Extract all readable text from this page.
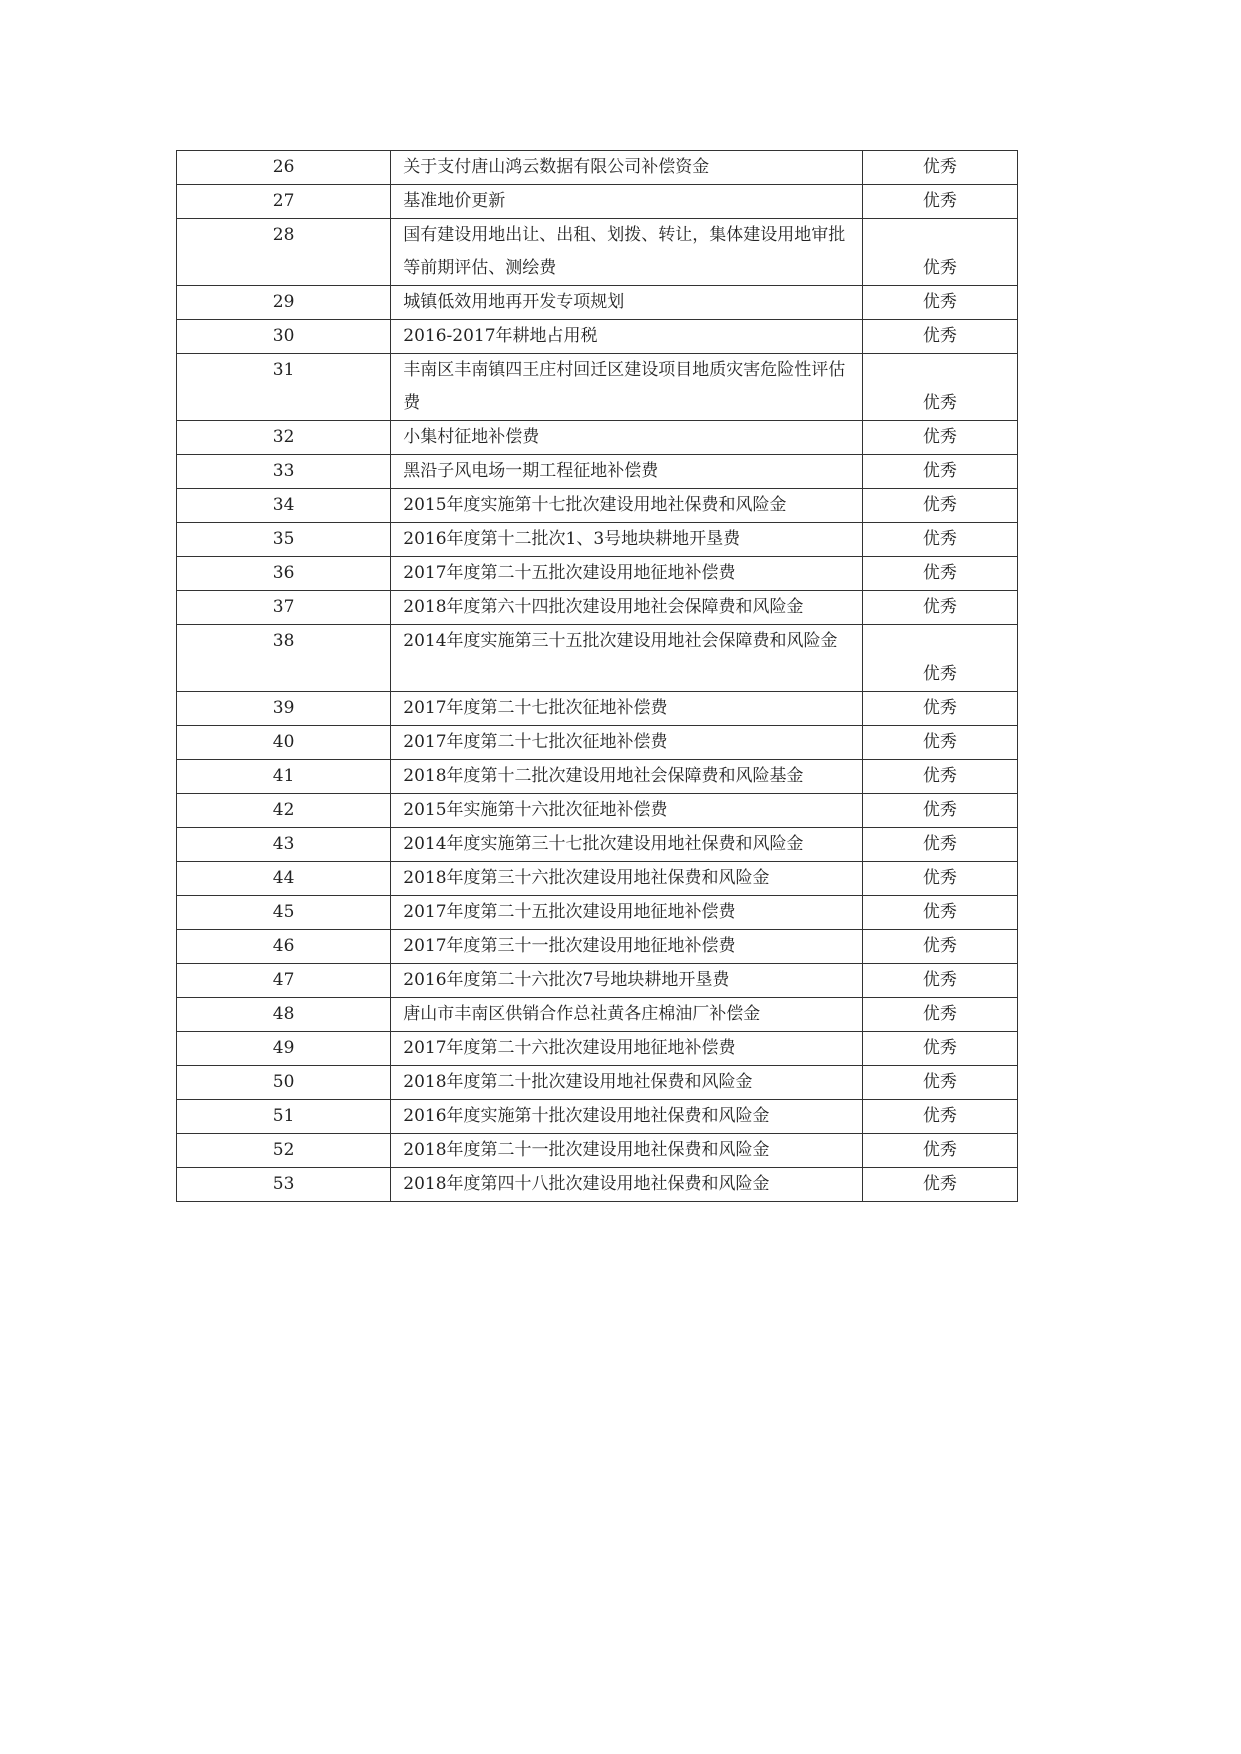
26	关于支付唐山鸿云数据有限公司补偿资金	优秀
27	基准地价更新	优秀
28	国有建设用地出让、出租、划拨、转让，集体建设用地审批等前期评估、测绘费	优秀
29	城镇低效用地再开发专项规划	优秀
30	2016-2017年耕地占用税	优秀
31	丰南区丰南镇四王庄村回迁区建设项目地质灾害危险性评估费	优秀
32	小集村征地补偿费	优秀
33	黑沿子风电场一期工程征地补偿费	优秀
34	2015年度实施第十七批次建设用地社保费和风险金	优秀
35	2016年度第十二批次1、3号地块耕地开垦费	优秀
36	2017年度第二十五批次建设用地征地补偿费	优秀
37	2018年度第六十四批次建设用地社会保障费和风险金	优秀
38	2014年度实施第三十五批次建设用地社会保障费和风险金	优秀
39	2017年度第二十七批次征地补偿费	优秀
40	2017年度第二十七批次征地补偿费	优秀
41	2018年度第十二批次建设用地社会保障费和风险基金	优秀
42	2015年实施第十六批次征地补偿费	优秀
43	2014年度实施第三十七批次建设用地社保费和风险金	优秀
44	2018年度第三十六批次建设用地社保费和风险金	优秀
45	2017年度第二十五批次建设用地征地补偿费	优秀
46	2017年度第三十一批次建设用地征地补偿费	优秀
47	2016年度第二十六批次7号地块耕地开垦费	优秀
48	唐山市丰南区供销合作总社黄各庄棉油厂补偿金	优秀
49	2017年度第二十六批次建设用地征地补偿费	优秀
50	2018年度第二十批次建设用地社保费和风险金	优秀
51	2016年度实施第十批次建设用地社保费和风险金	优秀
52	2018年度第二十一批次建设用地社保费和风险金	优秀
53	2018年度第四十八批次建设用地社保费和风险金	优秀
